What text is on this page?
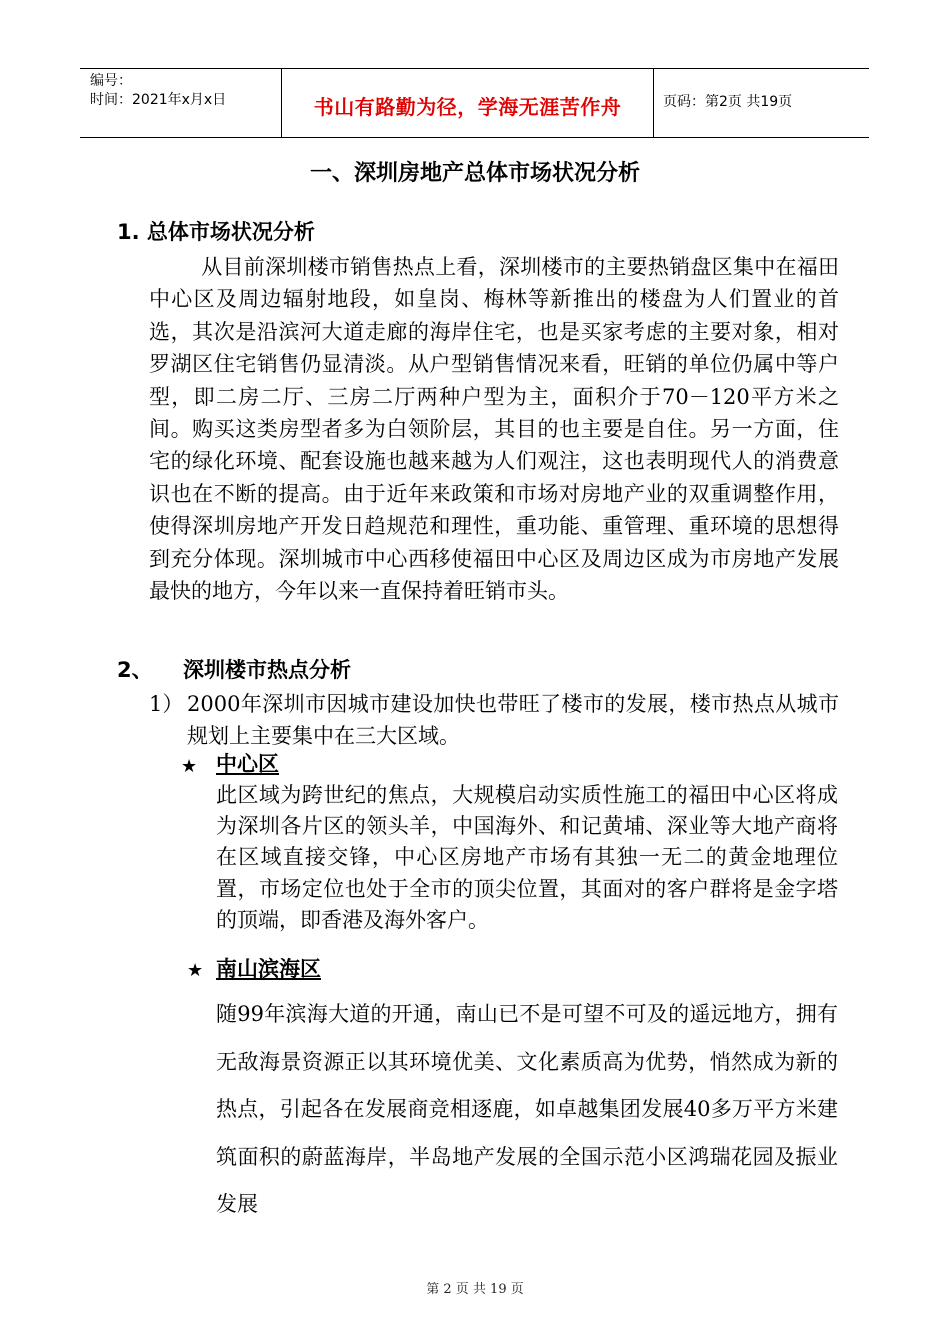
编号：
时间：2021年x月x日	书山有路勤为径，学海无涯苦作舟	页码：第2页 共19页
一、深圳房地产总体市场状况分析
1. 总体市场状况分析
从目前深圳楼市销售热点上看，深圳楼市的主要热销盘区集中在福田中心区及周边辐射地段，如皇岗、梅林等新推出的楼盘为人们置业的首选，其次是沿滨河大道走廊的海岸住宅，也是买家考虑的主要对象，相对罗湖区住宅销售仍显清淡。从户型销售情况来看，旺销的单位仍属中等户型，即二房二厅、三房二厅两种户型为主，面积介于70－120平方米之间。购买这类房型者多为白领阶层，其目的也主要是自住。另一方面，住宅的绿化环境、配套设施也越来越为人们观注，这也表明现代人的消费意识也在不断的提高。由于近年来政策和市场对房地产业的双重调整作用，使得深圳房地产开发日趋规范和理性，重功能、重管理、重环境的思想得到充分体现。深圳城市中心西移使福田中心区及周边区成为市房地产发展最快的地方，今年以来一直保持着旺销市头。
2、 深圳楼市热点分析
1） 2000年深圳市因城市建设加快也带旺了楼市的发展，楼市热点从城市规划上主要集中在三大区域。
★ 中心区
此区域为跨世纪的焦点，大规模启动实质性施工的福田中心区将成为深圳各片区的领头羊，中国海外、和记黄埔、深业等大地产商将在区域直接交锋，中心区房地产市场有其独一无二的黄金地理位置，市场定位也处于全市的顶尖位置，其面对的客户群将是金字塔的顶端，即香港及海外客户。
★ 南山滨海区
随99年滨海大道的开通，南山已不是可望不可及的遥远地方，拥有无敌海景资源正以其环境优美、文化素质高为优势，悄然成为新的热点，引起各在发展商竞相逐鹿，如卓越集团发展40多万平方米建筑面积的蔚蓝海岸，半岛地产发展的全国示范小区鸿瑞花园及振业发展
第 2 页 共 19 页
